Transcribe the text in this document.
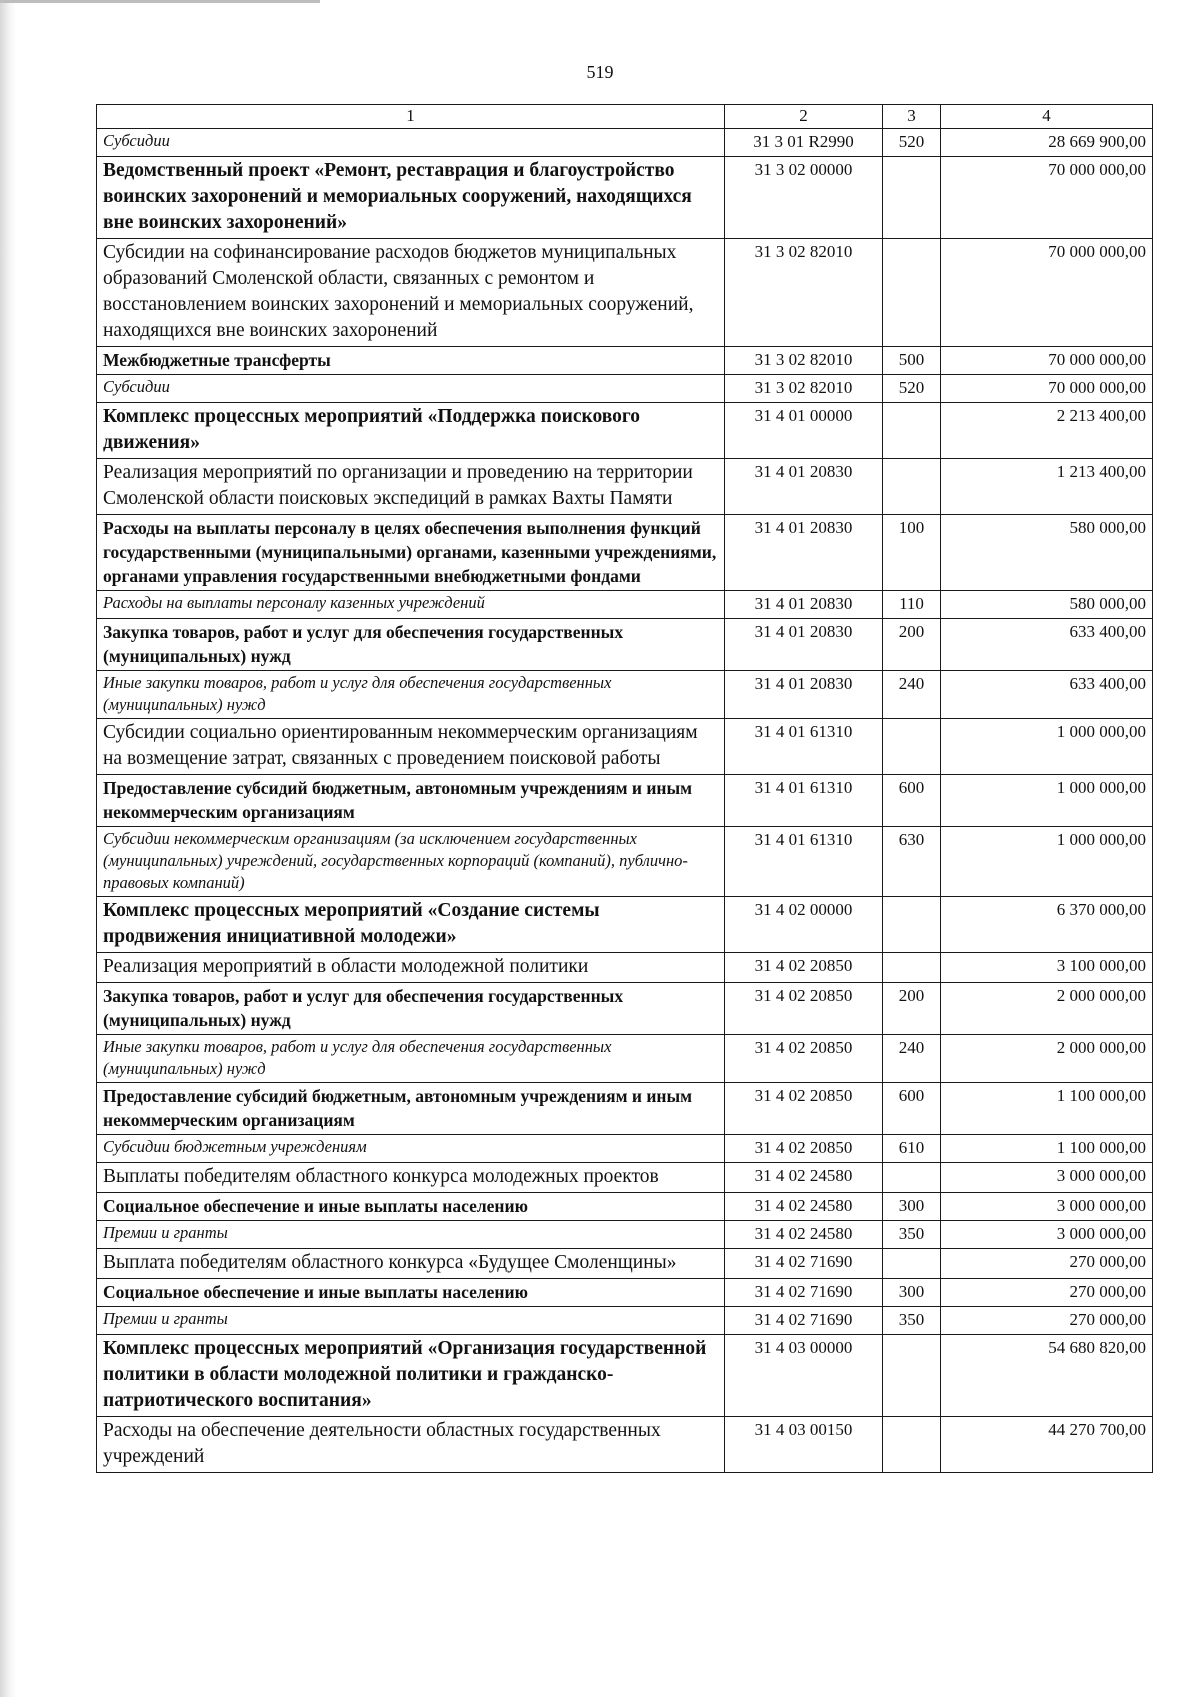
519
1	2	3	4
Субсидии	31 3 01 R2990	520	28 669 900,00
Ведомственный проект «Ремонт, реставрация и благоустройство воинских захоронений и мемориальных сооружений, находящихся вне воинских захоронений»	31 3 02 00000		70 000 000,00
Субсидии на софинансирование расходов бюджетов муниципальных образований Смоленской области, связанных с ремонтом и восстановлением воинских захоронений и мемориальных сооружений, находящихся вне воинских захоронений	31 3 02 82010		70 000 000,00
Межбюджетные трансферты	31 3 02 82010	500	70 000 000,00
Субсидии	31 3 02 82010	520	70 000 000,00
Комплекс процессных мероприятий «Поддержка поискового движения»	31 4 01 00000		2 213 400,00
Реализация мероприятий по организации и проведению на территории Смоленской области поисковых экспедиций в рамках Вахты Памяти	31 4 01 20830		1 213 400,00
Расходы на выплаты персоналу в целях обеспечения выполнения функций государственными (муниципальными) органами, казенными учреждениями, органами управления государственными внебюджетными фондами	31 4 01 20830	100	580 000,00
Расходы на выплаты персоналу казенных учреждений	31 4 01 20830	110	580 000,00
Закупка товаров, работ и услуг для обеспечения государственных (муниципальных) нужд	31 4 01 20830	200	633 400,00
Иные закупки товаров, работ и услуг для обеспечения государственных (муниципальных) нужд	31 4 01 20830	240	633 400,00
Субсидии социально ориентированным некоммерческим организациям на возмещение затрат, связанных с проведением поисковой работы	31 4 01 61310		1 000 000,00
Предоставление субсидий бюджетным, автономным учреждениям и иным некоммерческим организациям	31 4 01 61310	600	1 000 000,00
Субсидии некоммерческим организациям (за исключением государственных (муниципальных) учреждений, государственных корпораций (компаний), публично-правовых компаний)	31 4 01 61310	630	1 000 000,00
Комплекс процессных мероприятий «Создание системы продвижения инициативной молодежи»	31 4 02 00000		6 370 000,00
Реализация мероприятий в области молодежной политики	31 4 02 20850		3 100 000,00
Закупка товаров, работ и услуг для обеспечения государственных (муниципальных) нужд	31 4 02 20850	200	2 000 000,00
Иные закупки товаров, работ и услуг для обеспечения государственных (муниципальных) нужд	31 4 02 20850	240	2 000 000,00
Предоставление субсидий бюджетным, автономным учреждениям и иным некоммерческим организациям	31 4 02 20850	600	1 100 000,00
Субсидии бюджетным учреждениям	31 4 02 20850	610	1 100 000,00
Выплаты победителям областного конкурса молодежных проектов	31 4 02 24580		3 000 000,00
Социальное обеспечение и иные выплаты населению	31 4 02 24580	300	3 000 000,00
Премии и гранты	31 4 02 24580	350	3 000 000,00
Выплата победителям областного конкурса «Будущее Смоленщины»	31 4 02 71690		270 000,00
Социальное обеспечение и иные выплаты населению	31 4 02 71690	300	270 000,00
Премии и гранты	31 4 02 71690	350	270 000,00
Комплекс процессных мероприятий «Организация государственной политики в области молодежной политики и гражданско-патриотического воспитания»	31 4 03 00000		54 680 820,00
Расходы на обеспечение деятельности областных государственных учреждений	31 4 03 00150		44 270 700,00
